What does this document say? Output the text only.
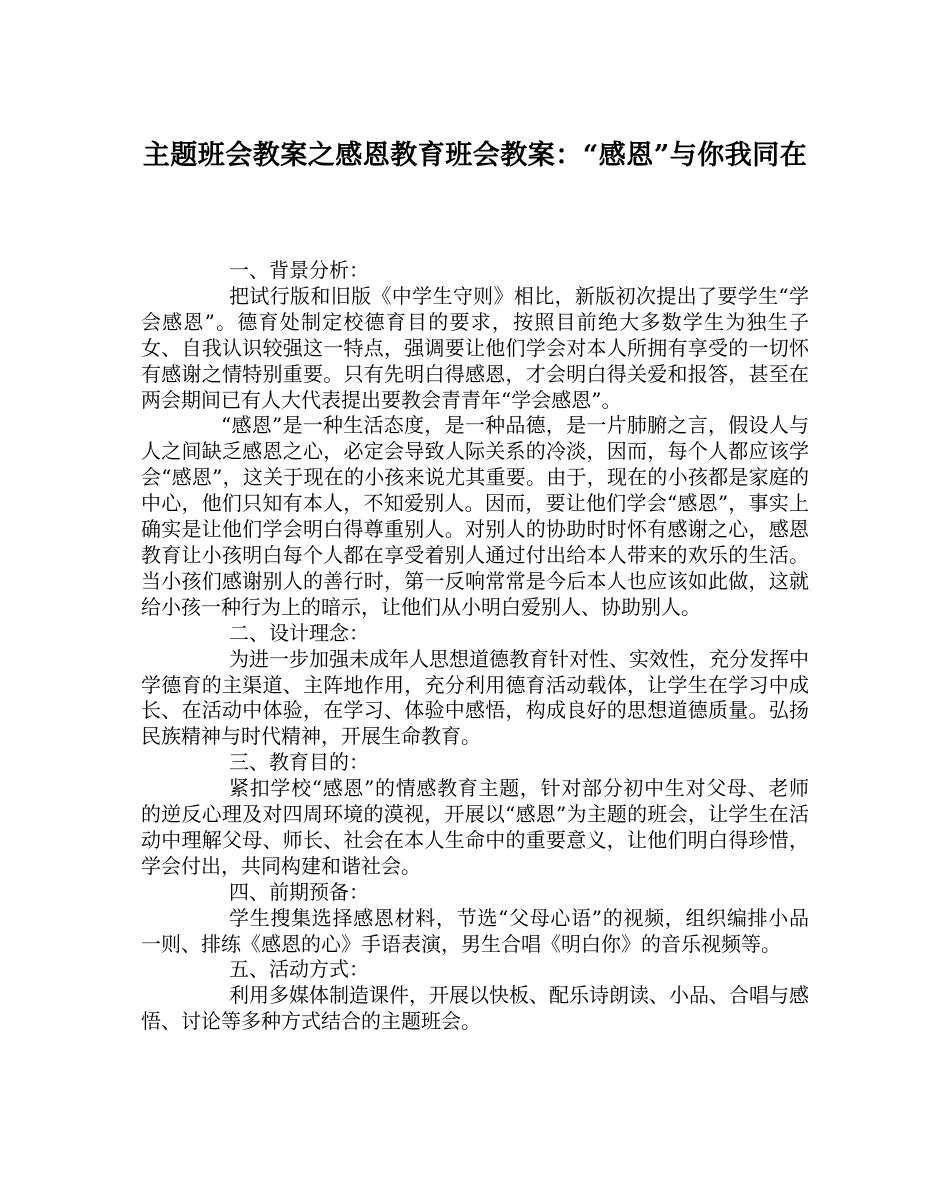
主题班会教案之感恩教育班会教案：“感恩”与你我同在

一、背景分析：

把试行版和旧版《中学生守则》相比，新版初次提出了要学生“学会感恩”。德育处制定校德育目的要求，按照目前绝大多数学生为独生子女、自我认识较强这一特点，强调要让他们学会对本人所拥有享受的一切怀有感谢之情特别重要。只有先明白得感恩，才会明白得关爱和报答，甚至在两会期间已有人大代表提出要教会青青年“学会感恩”。

“感恩”是一种生活态度，是一种品德，是一片肺腑之言，假设人与人之间缺乏感恩之心，必定会导致人际关系的冷淡，因而，每个人都应该学会“感恩”，这关于现在的小孩来说尤其重要。由于，现在的小孩都是家庭的中心，他们只知有本人，不知爱别人。因而，要让他们学会“感恩”，事实上确实是让他们学会明白得尊重别人。对别人的协助时时怀有感谢之心，感恩教育让小孩明白每个人都在享受着别人通过付出给本人带来的欢乐的生活。当小孩们感谢别人的善行时，第一反响常常是今后本人也应该如此做，这就给小孩一种行为上的暗示，让他们从小明白爱别人、协助别人。

二、设计理念：

为进一步加强未成年人思想道德教育针对性、实效性，充分发挥中学德育的主渠道、主阵地作用，充分利用德育活动载体，让学生在学习中成长、在活动中体验，在学习、体验中感悟，构成良好的思想道德质量。弘扬民族精神与时代精神，开展生命教育。

三、教育目的：

紧扣学校“感恩”的情感教育主题，针对部分初中生对父母、老师的逆反心理及对四周环境的漠视，开展以“感恩”为主题的班会，让学生在活动中理解父母、师长、社会在本人生命中的重要意义，让他们明白得珍惜，学会付出，共同构建和谐社会。

四、前期预备：

学生搜集选择感恩材料，节选“父母心语”的视频，组织编排小品一则、排练《感恩的心》手语表演，男生合唱《明白你》的音乐视频等。

五、活动方式：

利用多媒体制造课件，开展以快板、配乐诗朗读、小品、合唱与感悟、讨论等多种方式结合的主题班会。
